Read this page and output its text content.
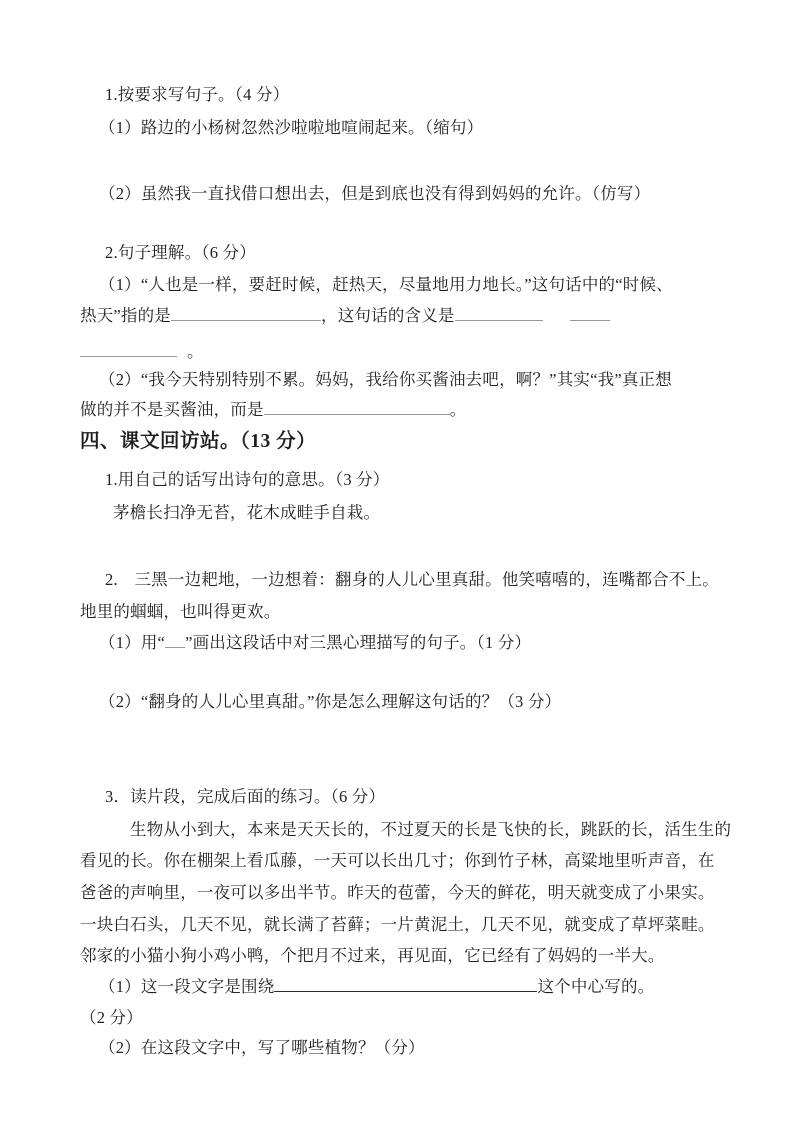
1.按要求写句子。（4 分）
（1）路边的小杨树忽然沙啦啦地喧闹起来。（缩句）
（2）虽然我一直找借口想出去，但是到底也没有得到妈妈的允许。（仿写）
2.句子理解。（6 分）
（1）“人也是一样，要赶时候，赶热天，尽量地用力地长。”这句话中的“时候、
热天”指的是	，这句话的含义是
。
（2）“我今天特别特别不累。妈妈，我给你买酱油去吧，啊？”其实“我”真正想
做的并不是买酱油，而是	。
四、课文回访站。（13 分）
1.用自己的话写出诗句的意思。（3 分）
茅檐长扫净无苔，花木成畦手自栽。
2.　三黑一边耙地，一边想着：翻身的人儿心里真甜。他笑嘻嘻的，连嘴都合不上。
地里的蝈蝈，也叫得更欢。
（1）用“ ”画出这段话中对三黑心理描写的句子。（1 分）
（2）“翻身的人儿心里真甜。”你是怎么理解这句话的？（3 分）
3．读片段，完成后面的练习。（6 分）
生物从小到大，本来是天天长的，不过夏天的长是飞快的长，跳跃的长，活生生的
看见的长。你在棚架上看瓜藤，一天可以长出几寸；你到竹子林，高粱地里听声音，在
爸爸的声响里，一夜可以多出半节。昨天的苞蕾，今天的鲜花，明天就变成了小果实。
一块白石头，几天不见，就长满了苔藓；一片黄泥土，几天不见，就变成了草坪菜畦。
邻家的小猫小狗小鸡小鸭，个把月不过来，再见面，它已经有了妈妈的一半大。
（1）这一段文字是围绕	这个中心写的。
（2 分）
（2）在这段文字中，写了哪些植物？（分）
